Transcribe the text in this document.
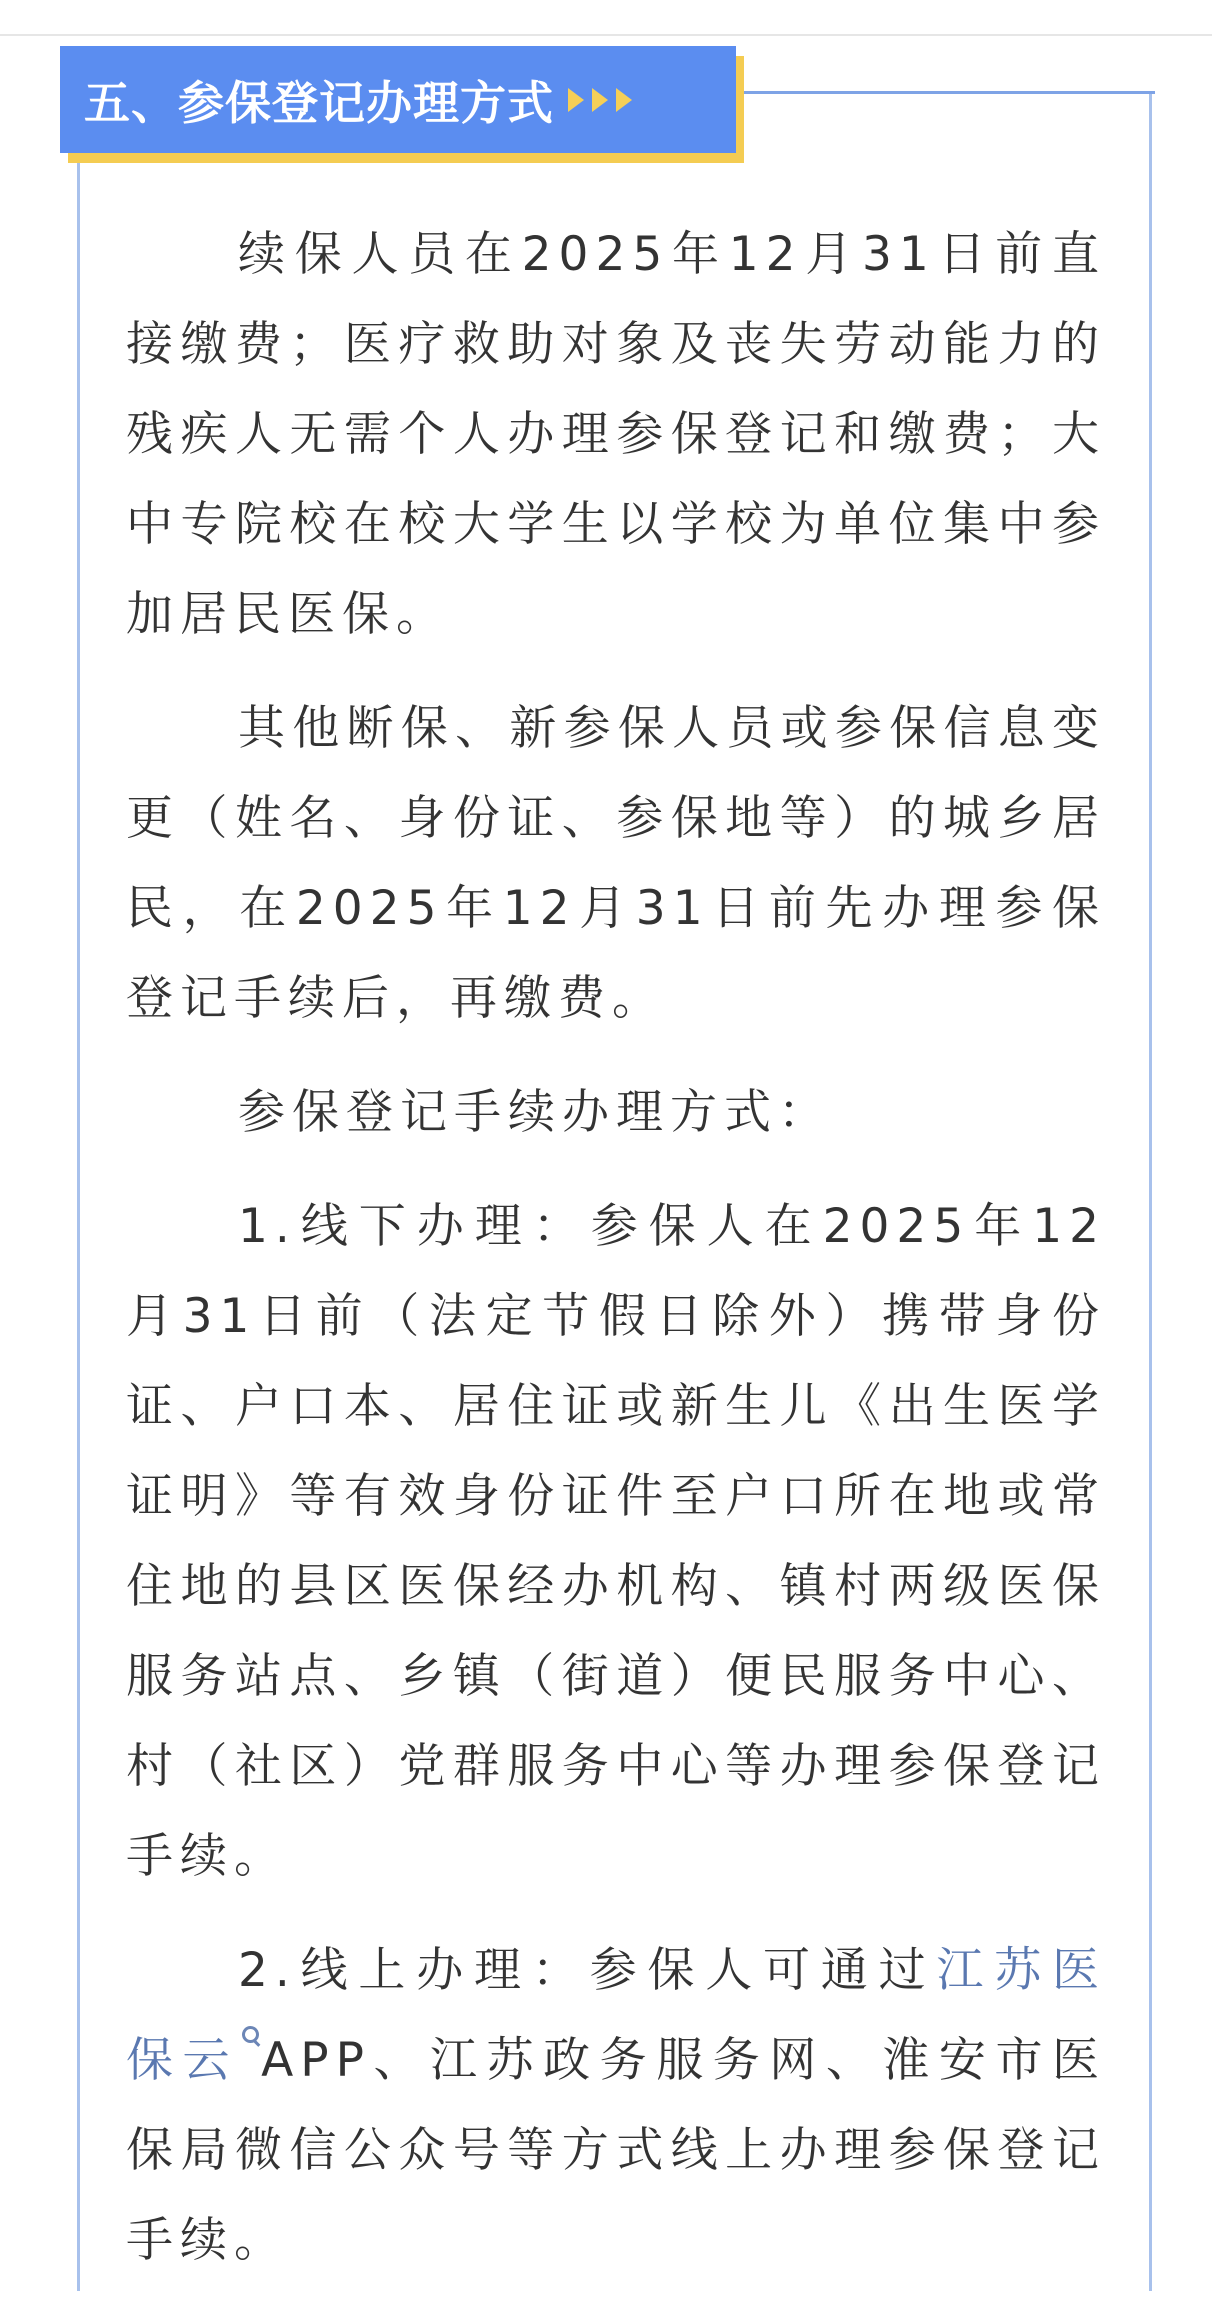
五、参保登记办理方式

续保人员在2025年12月31日前直接缴费；医疗救助对象及丧失劳动能力的残疾人无需个人办理参保登记和缴费；大中专院校在校大学生以学校为单位集中参加居民医保。

其他断保、新参保人员或参保信息变更（姓名、身份证、参保地等）的城乡居民，在2025年12月31日前先办理参保登记手续后，再缴费。

参保登记手续办理方式：

1.线下办理：参保人在2025年12月31日前（法定节假日除外）携带身份证、户口本、居住证或新生儿《出生医学证明》等有效身份证件至户口所在地或常住地的县区医保经办机构、镇村两级医保服务站点、乡镇（街道）便民服务中心、村（社区）党群服务中心等办理参保登记手续。

2.线上办理：参保人可通过江苏医保云 APP、江苏政务服务网、淮安市医保局微信公众号等方式线上办理参保登记手续。
